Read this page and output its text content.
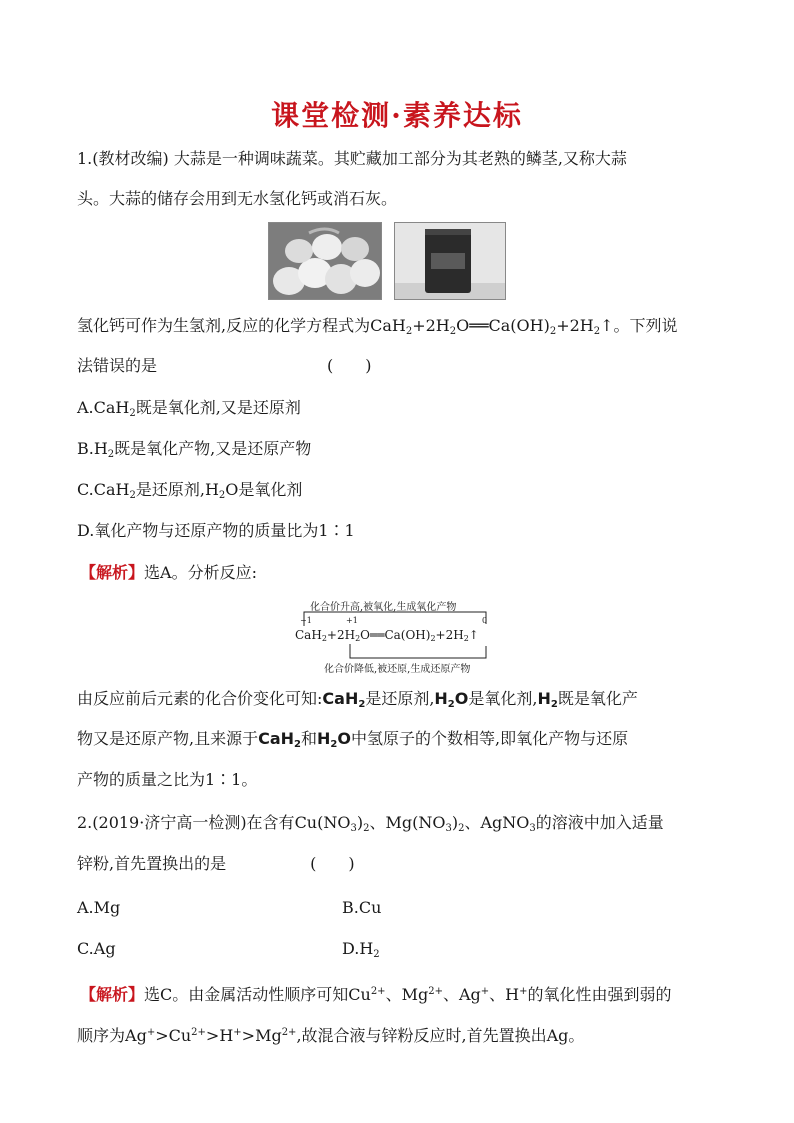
课堂检测·素养达标
1.(教材改编) 大蒜是一种调味蔬菜。其贮藏加工部分为其老熟的鳞茎,又称大蒜
头。大蒜的储存会用到无水氢化钙或消石灰。
氢化钙可作为生氢剂,反应的化学方程式为$CaH_2+2H_2O══Ca(OH)_2+2H_2↑$。下列说
法错误的是	(　　)
A.CaH$_2$既是氧化剂,又是还原剂
$B.H_2$既是氧化产物,又是还原产物
C.CaH$_2$是还原剂$,H_2O$是氧化剂
D.氧化产物与还原产物的质量比为1∶1
【解析】选A。分析反应:
化合价升高,被氧化,生成氧化产物
−1	+1	0
$CaH_2+2H_2O══Ca(OH)_2+2H_2↑$
化合价降低,被还原,生成还原产物
由反应前后元素的化合价变化可知:CaH$_2$是还原剂$,H_2O$是氧化剂$,H_2$既是氧化产
物又是还原产物,且来源于CaH$_2$和$H_2O$中氢原子的个数相等,即氧化产物与还原
产物的质量之比为1∶1。
2.(2019·济宁高一检测)在含有$Cu(NO_3)_2$、$Mg(NO_3)_2$、AgNO$_3$的溶液中加入适量
锌粉,首先置换出的是	(　　)
A.Mg	B.Cu
C.Ag	$D.H_2$
【解析】选C。由金属活动性顺序可知$Cu^{2+}$、$Mg^{2+}$、Ag+、H+的氧化性由强到弱的
顺序为$Ag^+>Cu^{2+}>H^+>Mg^{2+}$,故混合液与锌粉反应时,首先置换出Ag。
